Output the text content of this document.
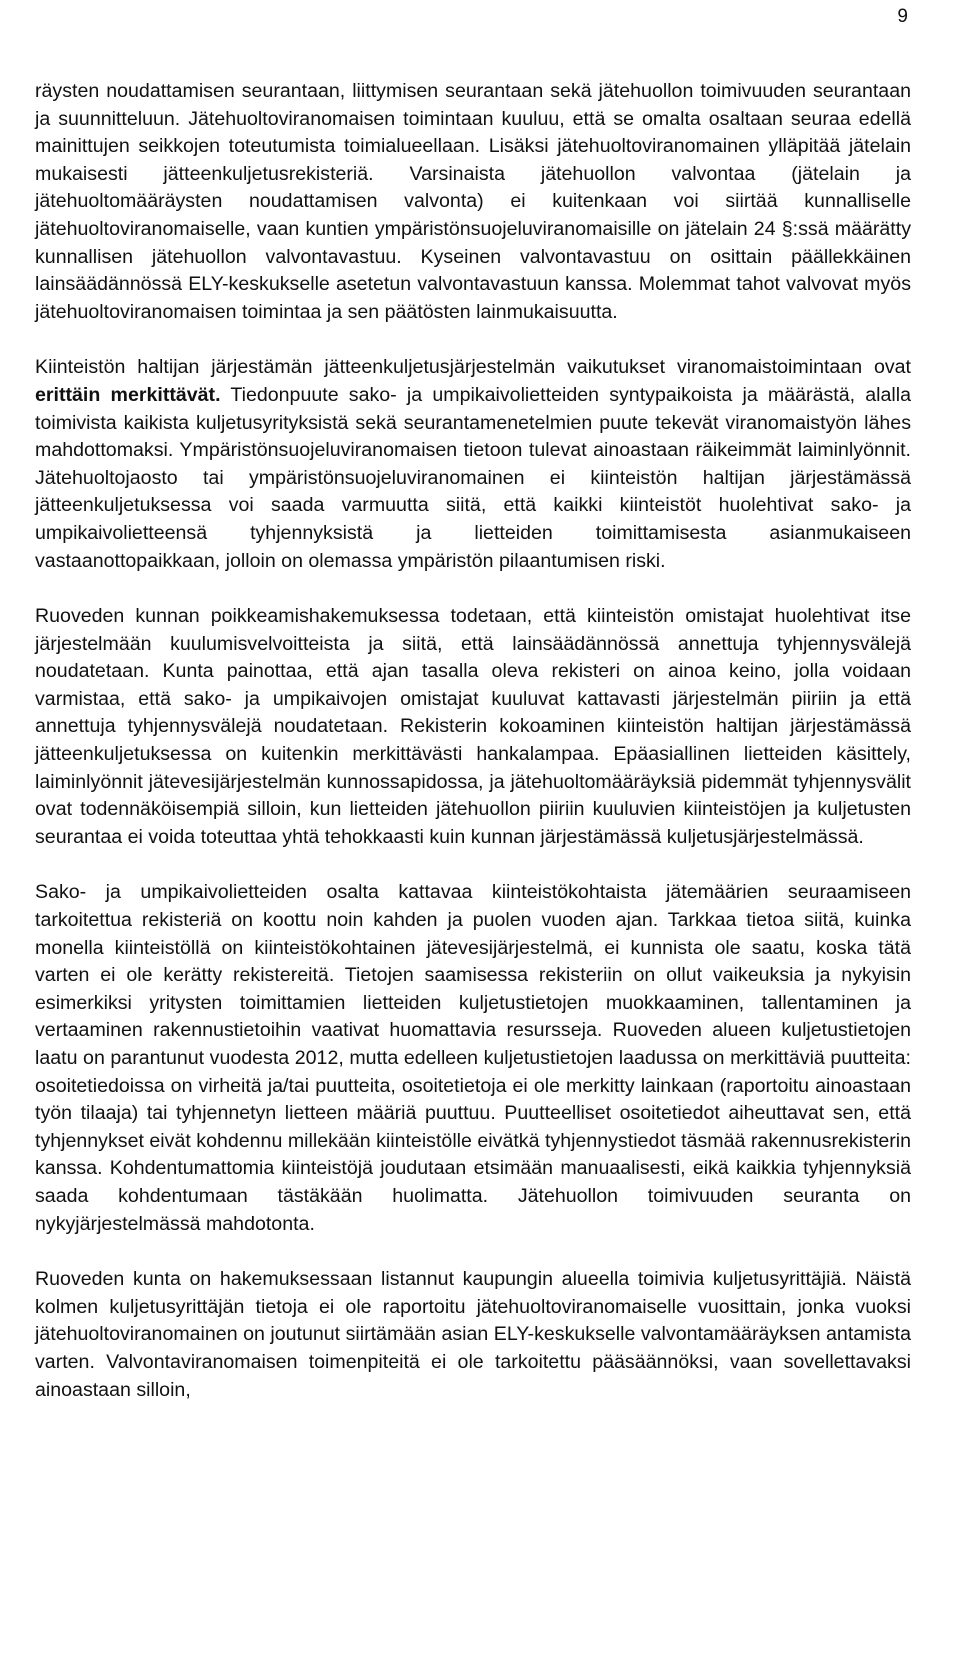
9

räysten noudattamisen seurantaan, liittymisen seurantaan sekä jätehuollon toimivuuden seurantaan ja suunnitteluun. Jätehuoltoviranomaisen toimintaan kuuluu, että se omalta osaltaan seuraa edellä mainittujen seikkojen toteutumista toimialueellaan. Lisäksi jätehuoltoviranomainen ylläpitää jätelain mukaisesti jätteenkuljetusrekisteriä. Varsinaista jätehuollon valvontaa (jätelain ja jätehuoltomääräysten noudattamisen valvonta) ei kuitenkaan voi siirtää kunnalliselle jätehuoltoviranomaiselle, vaan kuntien ympäristönsuojeluviranomaisille on jätelain 24 §:ssä määrätty kunnallisen jätehuollon valvontavastuu. Kyseinen valvontavastuu on osittain päällekkäinen lainsäädännössä ELY-keskukselle asetetun valvontavastuun kanssa. Molemmat tahot valvovat myös jätehuoltoviranomaisen toimintaa ja sen päätösten lainmukaisuutta.

Kiinteistön haltijan järjestämän jätteenkuljetusjärjestelmän vaikutukset viranomaistoimintaan ovat erittäin merkittävät. Tiedonpuute sako- ja umpikaivolietteiden syntypaikoista ja määrästä, alalla toimivista kaikista kuljetusyrityksistä sekä seurantamenetelmien puute tekevät viranomaistyön lähes mahdottomaksi. Ympäristönsuojeluviranomaisen tietoon tulevat ainoastaan räikeimmät laiminlyönnit. Jätehuoltojaosto tai ympäristönsuojeluviranomainen ei kiinteistön haltijan järjestämässä jätteenkuljetuksessa voi saada varmuutta siitä, että kaikki kiinteistöt huolehtivat sako- ja umpikaivolietteensä tyhjennyksistä ja lietteiden toimittamisesta asianmukaiseen vastaanottopaikkaan, jolloin on olemassa ympäristön pilaantumisen riski.

Ruoveden kunnan poikkeamishakemuksessa todetaan, että kiinteistön omistajat huolehtivat itse järjestelmään kuulumisvelvoitteista ja siitä, että lainsäädännössä annettuja tyhjennysvälejä noudatetaan. Kunta painottaa, että ajan tasalla oleva rekisteri on ainoa keino, jolla voidaan varmistaa, että sako- ja umpikaivojen omistajat kuuluvat kattavasti järjestelmän piiriin ja että annettuja tyhjennysvälejä noudatetaan. Rekisterin kokoaminen kiinteistön haltijan järjestämässä jätteenkuljetuksessa on kuitenkin merkittävästi hankalampaa. Epäasiallinen lietteiden käsittely, laiminlyönnit jätevesijärjestelmän kunnossapidossa, ja jätehuoltomääräyksiä pidemmät tyhjennysvälit ovat todennäköisempiä silloin, kun lietteiden jätehuollon piiriin kuuluvien kiinteistöjen ja kuljetusten seurantaa ei voida toteuttaa yhtä tehokkaasti kuin kunnan järjestämässä kuljetusjärjestelmässä.

Sako- ja umpikaivolietteiden osalta kattavaa kiinteistökohtaista jätemäärien seuraamiseen tarkoitettua rekisteriä on koottu noin kahden ja puolen vuoden ajan. Tarkkaa tietoa siitä, kuinka monella kiinteistöllä on kiinteistökohtainen jätevesijärjestelmä, ei kunnista ole saatu, koska tätä varten ei ole kerätty rekistereitä. Tietojen saamisessa rekisteriin on ollut vaikeuksia ja nykyisin esimerkiksi yritysten toimittamien lietteiden kuljetustietojen muokkaaminen, tallentaminen ja vertaaminen rakennustietoihin vaativat huomattavia resursseja. Ruoveden alueen kuljetustietojen laatu on parantunut vuodesta 2012, mutta edelleen kuljetustietojen laadussa on merkittäviä puutteita: osoitetiedoissa on virheitä ja/tai puutteita, osoitetietoja ei ole merkitty lainkaan (raportoitu ainoastaan työn tilaaja) tai tyhjennetyn lietteen määriä puuttuu. Puutteelliset osoitetiedot aiheuttavat sen, että tyhjennykset eivät kohdennu millekään kiinteistölle eivätkä tyhjennystiedot täsmää rakennusrekisterin kanssa. Kohdentumattomia kiinteistöjä joudutaan etsimään manuaalisesti, eikä kaikkia tyhjennyksiä saada kohdentumaan tästäkään huolimatta. Jätehuollon toimivuuden seuranta on nykyjärjestelmässä mahdotonta.

Ruoveden kunta on hakemuksessaan listannut kaupungin alueella toimivia kuljetusyrittäjiä. Näistä kolmen kuljetusyrittäjän tietoja ei ole raportoitu jätehuoltoviranomaiselle vuosittain, jonka vuoksi jätehuoltoviranomainen on joutunut siirtämään asian ELY-keskukselle valvontamääräyksen antamista varten. Valvontaviranomaisen toimenpiteitä ei ole tarkoitettu pääsäännöksi, vaan sovellettavaksi ainoastaan silloin,
